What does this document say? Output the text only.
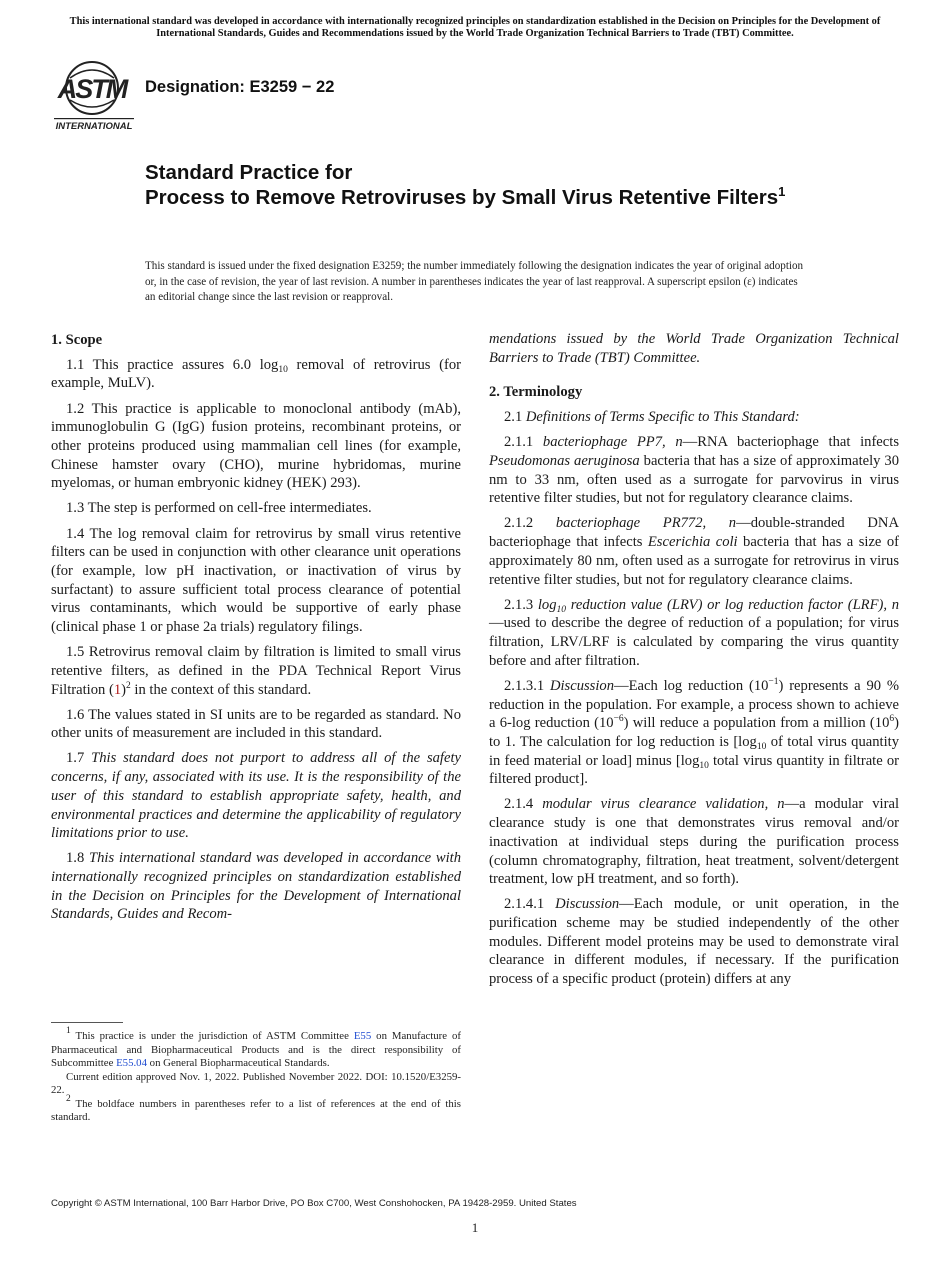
This international standard was developed in accordance with internationally recognized principles on standardization established in the Decision on Principles for the Development of International Standards, Guides and Recommendations issued by the World Trade Organization Technical Barriers to Trade (TBT) Committee.
ASTM
INTERNATIONAL
Designation: E3259 − 22
Standard Practice for
Process to Remove Retroviruses by Small Virus Retentive Filters$^1$
This standard is issued under the fixed designation E3259; the number immediately following the designation indicates the year of original adoption or, in the case of revision, the year of last revision. A number in parentheses indicates the year of last reapproval. A superscript epsilon (ε) indicates an editorial change since the last revision or reapproval.
1. Scope

1.1 This practice assures 6.0 $\log_{10}$ removal of retrovirus (for example, MuLV).

1.2 This practice is applicable to monoclonal antibody (mAb), immunoglobulin G (IgG) fusion proteins, recombinant proteins, or other proteins produced using mammalian cell lines (for example, Chinese hamster ovary (CHO), murine hybridomas, murine myelomas, or human embryonic kidney (HEK) 293).

1.3 The step is performed on cell-free intermediates.

1.4 The log removal claim for retrovirus by small virus retentive filters can be used in conjunction with other clearance unit operations (for example, low pH inactivation, or inactivation of virus by surfactant) to assure sufficient total process clearance of potential virus contaminants, which would be supportive of early phase (clinical phase 1 or phase 2a trials) regulatory filings.

1.5 Retrovirus removal claim by filtration is limited to small virus retentive filters, as defined in the PDA Technical Report Virus Filtration $(1)^2$ in the context of this standard.

1.6 The values stated in SI units are to be regarded as standard. No other units of measurement are included in this standard.

1.7 This standard does not purport to address all of the safety concerns, if any, associated with its use. It is the responsibility of the user of this standard to establish appropriate safety, health, and environmental practices and determine the applicability of regulatory limitations prior to use.

1.8 This international standard was developed in accordance with internationally recognized principles on standardization established in the Decision on Principles for the Development of International Standards, Guides and Recom-

mendations issued by the World Trade Organization Technical Barriers to Trade (TBT) Committee.

2. Terminology

2.1 Definitions of Terms Specific to This Standard:

2.1.1 bacteriophage PP7, n—RNA bacteriophage that infects Pseudomonas aeruginosa bacteria that has a size of approximately 30 nm to 33 nm, often used as a surrogate for parvovirus in virus retentive filter studies, but not for regulatory clearance claims.

2.1.2 bacteriophage PR772, n—double-stranded DNA bacteriophage that infects Escerichia coli bacteria that has a size of approximately 80 nm, often used as a surrogate for retrovirus in virus retentive filter studies, but not for regulatory clearance claims.

2.1.3 $\log_{10}$ reduction value (LRV) or log reduction factor (LRF), n—used to describe the degree of reduction of a population; for virus filtration, LRV/LRF is calculated by comparing the virus quantity before and after filtration.

2.1.3.1 Discussion—Each log reduction $(10^{-1})$ represents a 90 % reduction in the population. For example, a process shown to achieve a 6-log reduction $(10^{-6})$ will reduce a population from a million $(10^6)$ to 1. The calculation for log reduction is [$\log_{10}$ of total virus quantity in feed material or load] minus [$\log_{10}$ total virus quantity in filtrate or filtered product].

2.1.4 modular virus clearance validation, n—a modular viral clearance study is one that demonstrates virus removal and/or inactivation at individual steps during the purification process (column chromatography, filtration, heat treatment, solvent/detergent treatment, low pH treatment, and so forth).

2.1.4.1 Discussion—Each module, or unit operation, in the purification scheme may be studied independently of the other modules. Different model proteins may be used to demonstrate viral clearance in different modules, if necessary. If the purification process of a specific product (protein) differs at any

$^1$ This practice is under the jurisdiction of ASTM Committee E55 on Manufacture of Pharmaceutical and Biopharmaceutical Products and is the direct responsibility of Subcommittee E55.04 on General Biopharmaceutical Standards.

Current edition approved Nov. 1, 2022. Published November 2022. DOI: 10.1520/E3259-22.

$^2$ The boldface numbers in parentheses refer to a list of references at the end of this standard.

Copyright © ASTM International, 100 Barr Harbor Drive, PO Box C700, West Conshohocken, PA 19428-2959. United States
1
